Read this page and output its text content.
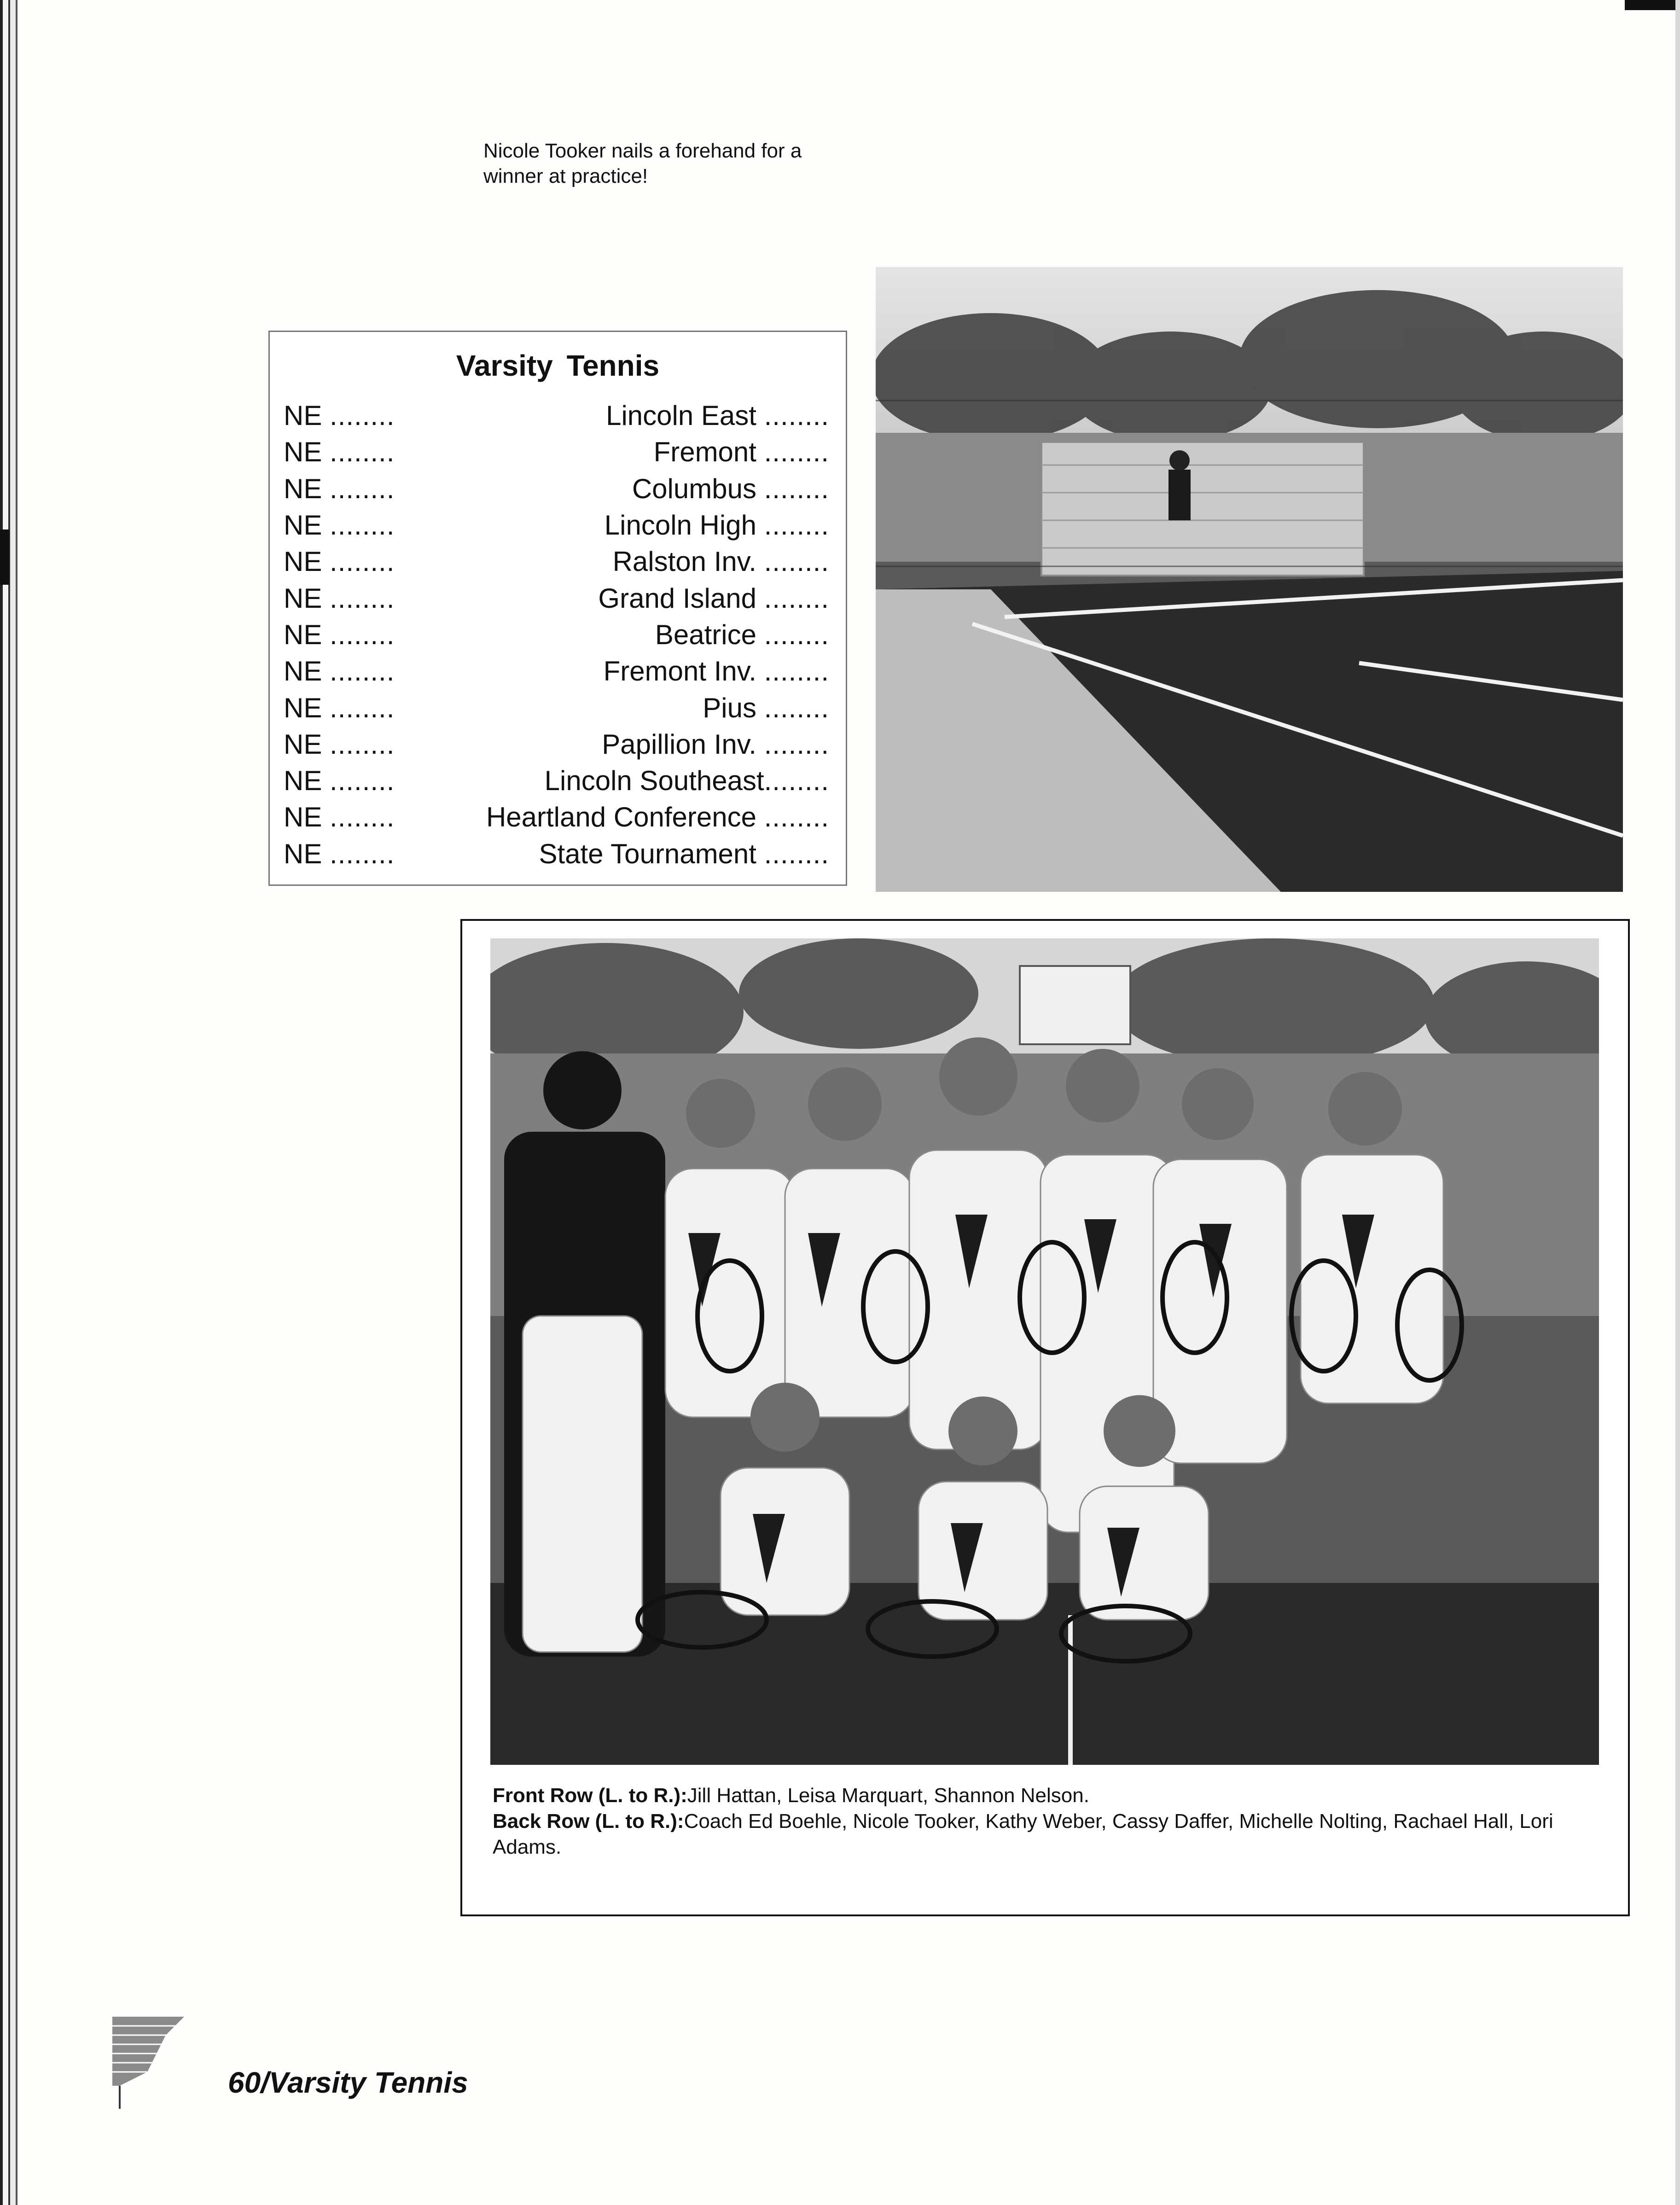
Nicole Tooker nails a forehand for a winner at practice!

Varsity Tennis
NE ........	Lincoln East ........
NE ........	Fremont ........
NE ........	Columbus ........
NE ........	Lincoln High ........
NE ........	Ralston Inv. ........
NE ........	Grand Island ........
NE ........	Beatrice ........
NE ........	Fremont Inv. ........
NE ........	Pius ........
NE ........	Papillion Inv. ........
NE ........	Lincoln Southeast........
NE ........	Heartland Conference ........
NE ........	State Tournament ........

Front Row (L. to R.):Jill Hattan, Leisa Marquart, Shannon Nelson.

Back Row (L. to R.):Coach Ed Boehle, Nicole Tooker, Kathy Weber, Cassy Daffer, Michelle Nolting, Rachael Hall, Lori Adams.

60/Varsity Tennis
